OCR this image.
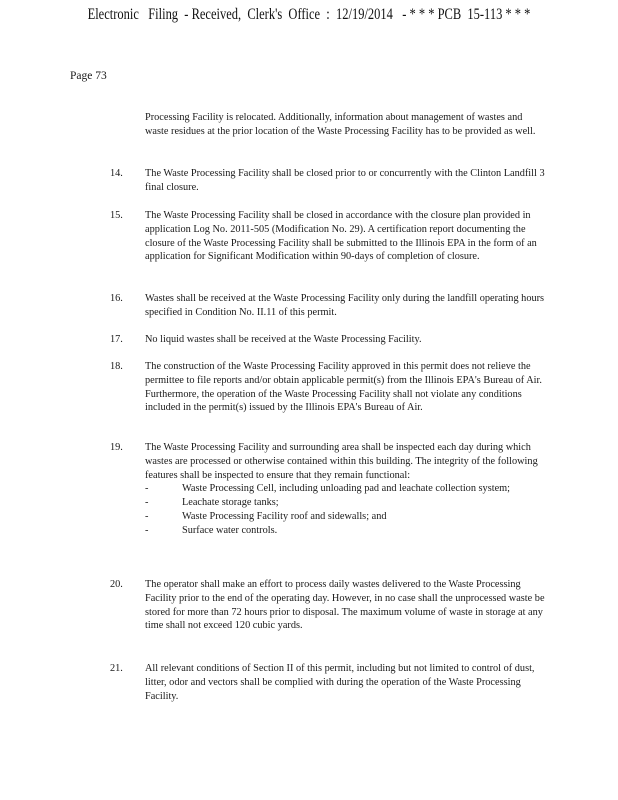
Electronic   Filing  - Received,  Clerk's  Office  :  12/19/2014   - * * * PCB  15-113 * * *
Page 73
Processing Facility is relocated. Additionally, information about management of wastes and waste residues at the prior location of the Waste Processing Facility has to be provided as well.
14. The Waste Processing Facility shall be closed prior to or concurrently with the Clinton Landfill 3 final closure.
15. The Waste Processing Facility shall be closed in accordance with the closure plan provided in application Log No. 2011-505 (Modification No. 29). A certification report documenting the closure of the Waste Processing Facility shall be submitted to the Illinois EPA in the form of an application for Significant Modification within 90-days of completion of closure.
16. Wastes shall be received at the Waste Processing Facility only during the landfill operating hours specified in Condition No. II.11 of this permit.
17. No liquid wastes shall be received at the Waste Processing Facility.
18. The construction of the Waste Processing Facility approved in this permit does not relieve the permittee to file reports and/or obtain applicable permit(s) from the Illinois EPA's Bureau of Air. Furthermore, the operation of the Waste Processing Facility shall not violate any conditions included in the permit(s) issued by the Illinois EPA's Bureau of Air.
19. The Waste Processing Facility and surrounding area shall be inspected each day during which wastes are processed or otherwise contained within this building. The integrity of the following features shall be inspected to ensure that they remain functional:
-	Waste Processing Cell, including unloading pad and leachate collection system;
-	Leachate storage tanks;
-	Waste Processing Facility roof and sidewalls; and
-	Surface water controls.
20. The operator shall make an effort to process daily wastes delivered to the Waste Processing Facility prior to the end of the operating day. However, in no case shall the unprocessed waste be stored for more than 72 hours prior to disposal. The maximum volume of waste in storage at any time shall not exceed 120 cubic yards.
21. All relevant conditions of Section II of this permit, including but not limited to control of dust, litter, odor and vectors shall be complied with during the operation of the Waste Processing Facility.
